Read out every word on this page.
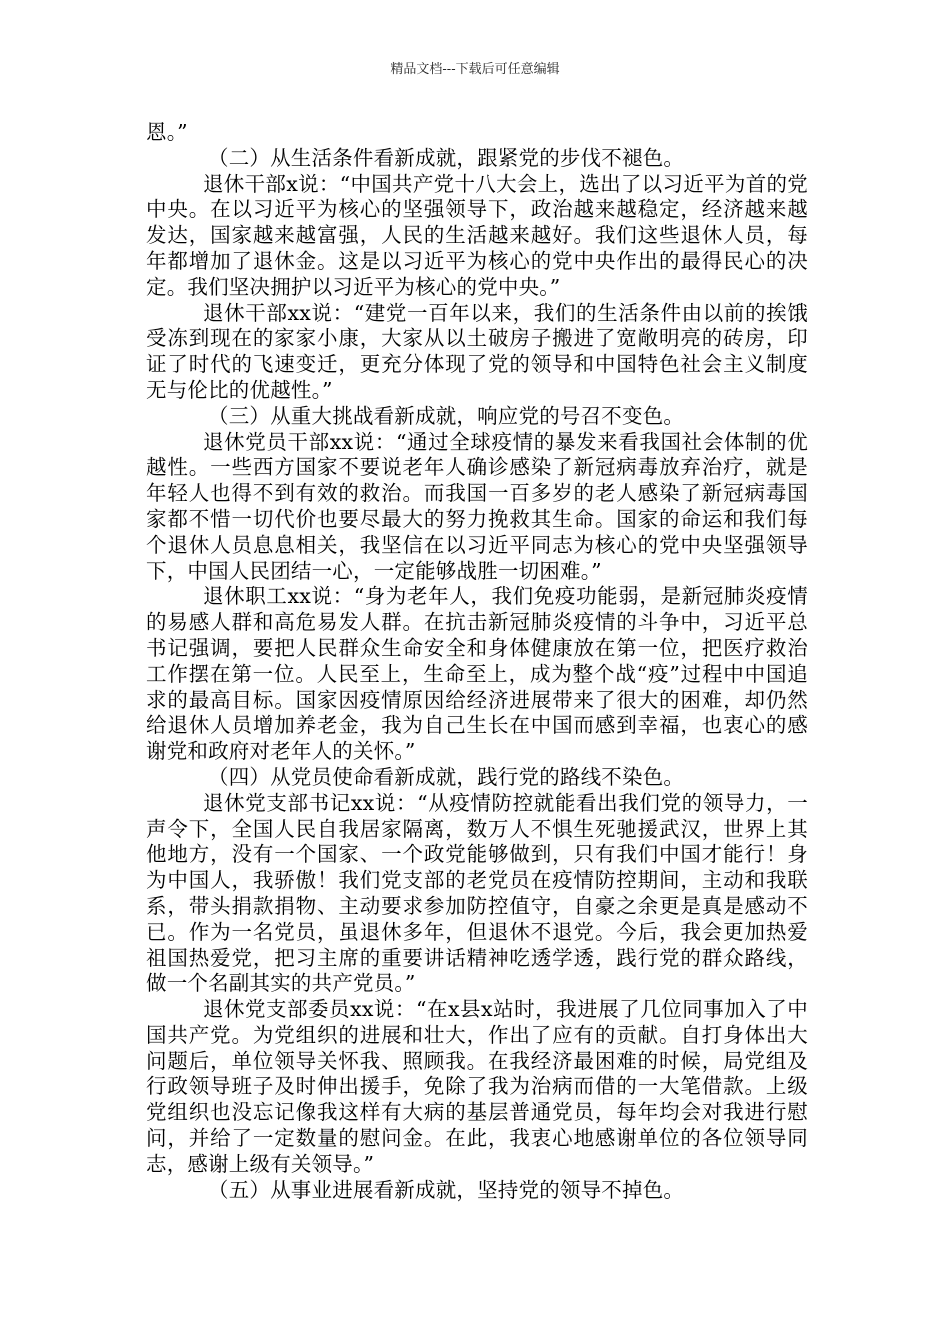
精品文档---下载后可任意编辑

恩。”

（二）从生活条件看新成就，跟紧党的步伐不褪色。

退休干部x说：“中国共产党十八大会上，选出了以习近平为首的党中央。在以习近平为核心的坚强领导下，政治越来越稳定，经济越来越发达，国家越来越富强，人民的生活越来越好。我们这些退休人员，每年都增加了退休金。这是以习近平为核心的党中央作出的最得民心的决定。我们坚决拥护以习近平为核心的党中央。”

退休干部xx说：“建党一百年以来，我们的生活条件由以前的挨饿受冻到现在的家家小康，大家从以土破房子搬进了宽敞明亮的砖房，印证了时代的飞速变迁，更充分体现了党的领导和中国特色社会主义制度无与伦比的优越性。”

（三）从重大挑战看新成就，响应党的号召不变色。

退休党员干部xx说：“通过全球疫情的暴发来看我国社会体制的优越性。一些西方国家不要说老年人确诊感染了新冠病毒放弃治疗，就是年轻人也得不到有效的救治。而我国一百多岁的老人感染了新冠病毒国家都不惜一切代价也要尽最大的努力挽救其生命。国家的命运和我们每个退休人员息息相关，我坚信在以习近平同志为核心的党中央坚强领导下，中国人民团结一心，一定能够战胜一切困难。”

退休职工xx说：“身为老年人，我们免疫功能弱，是新冠肺炎疫情的易感人群和高危易发人群。在抗击新冠肺炎疫情的斗争中，习近平总书记强调，要把人民群众生命安全和身体健康放在第一位，把医疗救治工作摆在第一位。人民至上，生命至上，成为整个战“疫”过程中中国追求的最高目标。国家因疫情原因给经济进展带来了很大的困难，却仍然给退休人员增加养老金，我为自己生长在中国而感到幸福，也衷心的感谢党和政府对老年人的关怀。”

（四）从党员使命看新成就，践行党的路线不染色。

退休党支部书记xx说：“从疫情防控就能看出我们党的领导力，一声令下，全国人民自我居家隔离，数万人不惧生死驰援武汉，世界上其他地方，没有一个国家、一个政党能够做到，只有我们中国才能行！身为中国人，我骄傲！我们党支部的老党员在疫情防控期间，主动和我联系，带头捐款捐物、主动要求参加防控值守，自豪之余更是真是感动不已。作为一名党员，虽退休多年，但退休不退党。今后，我会更加热爱祖国热爱党，把习主席的重要讲话精神吃透学透，践行党的群众路线，做一个名副其实的共产党员。”

退休党支部委员xx说：“在x县x站时，我进展了几位同事加入了中国共产党。为党组织的进展和壮大，作出了应有的贡献。自打身体出大问题后，单位领导关怀我、照顾我。在我经济最困难的时候，局党组及行政领导班子及时伸出援手，免除了我为治病而借的一大笔借款。上级党组织也没忘记像我这样有大病的基层普通党员，每年均会对我进行慰问，并给了一定数量的慰问金。在此，我衷心地感谢单位的各位领导同志，感谢上级有关领导。”

（五）从事业进展看新成就，坚持党的领导不掉色。
